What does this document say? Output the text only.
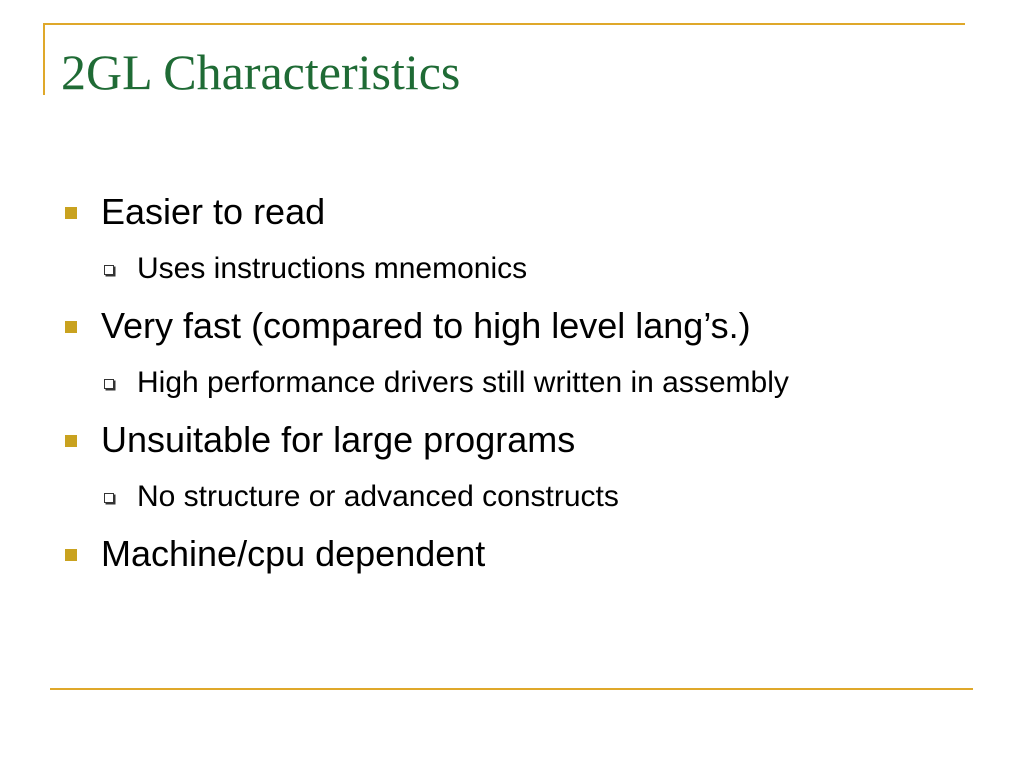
2GL Characteristics
Easier to read
Uses instructions mnemonics
Very fast (compared to high level lang’s.)
High performance drivers still written in assembly
Unsuitable for large programs
No structure or advanced constructs
Machine/cpu dependent
